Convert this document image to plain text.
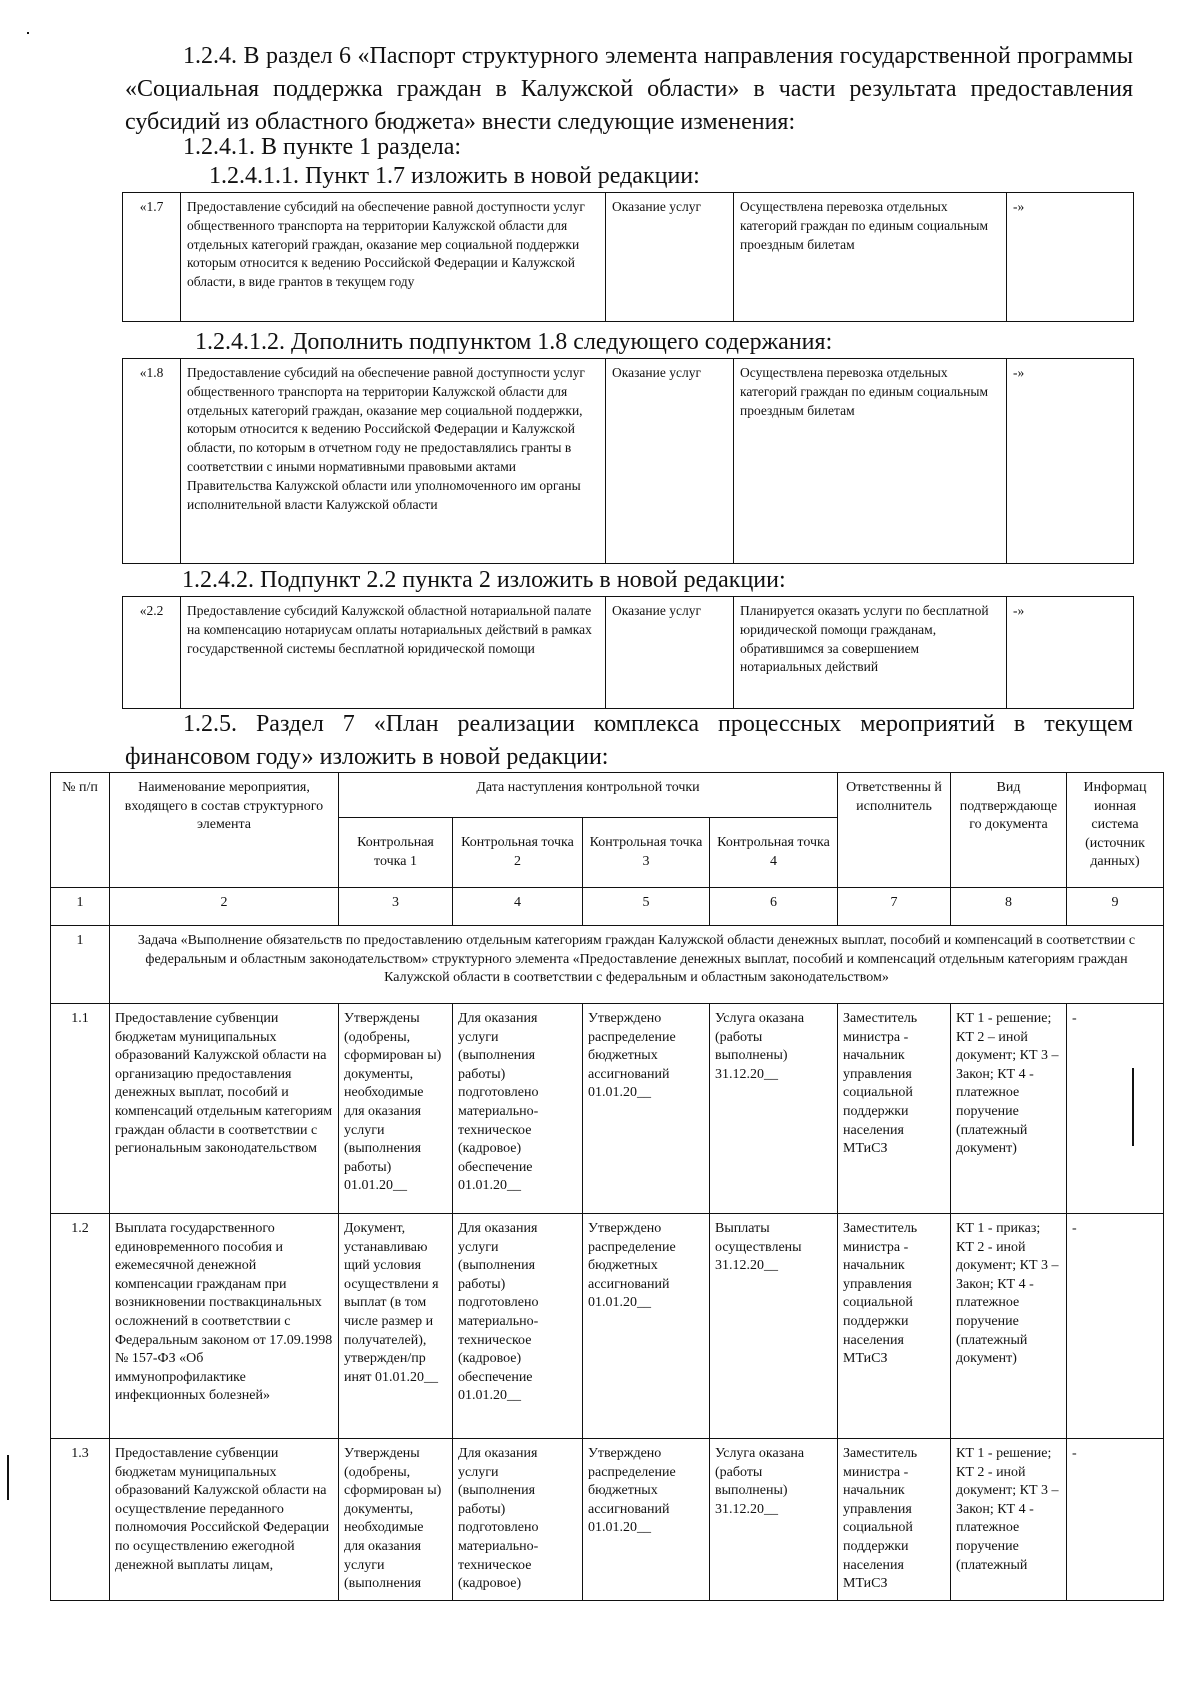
1.2.4. В раздел 6 «Паспорт структурного элемента направления государственной программы «Социальная поддержка граждан в Калужской области» в части результата предоставления субсидий из областного бюджета» внести следующие изменения:

1.2.4.1. В пункте 1 раздела:

1.2.4.1.1. Пункт 1.7 изложить в новой редакции:

«1.7	Предоставление субсидий на обеспечение равной доступности услуг общественного транспорта на территории Калужской области для отдельных категорий граждан, оказание мер социальной поддержки которым относится к ведению Российской Федерации и Калужской области, в виде грантов в текущем году	Оказание услуг	Осуществлена перевозка отдельных категорий граждан по единым социальным проездным билетам	-»

1.2.4.1.2. Дополнить подпунктом 1.8 следующего содержания:

«1.8	Предоставление субсидий на обеспечение равной доступности услуг общественного транспорта на территории Калужской области для отдельных категорий граждан, оказание мер социальной поддержки, которым относится к ведению Российской Федерации и Калужской области, по которым в отчетном году не предоставлялись гранты в соответствии с иными нормативными правовыми актами Правительства Калужской области или уполномоченного им органы исполнительной власти Калужской области	Оказание услуг	Осуществлена перевозка отдельных категорий граждан по единым социальным проездным билетам	-»

1.2.4.2. Подпункт 2.2 пункта 2 изложить в новой редакции:

«2.2	Предоставление субсидий Калужской областной нотариальной палате на компенсацию нотариусам оплаты нотариальных действий в рамках государственной системы бесплатной юридической помощи	Оказание услуг	Планируется оказать услуги по бесплатной юридической помощи гражданам, обратившимся за совершением нотариальных действий	-»

1.2.5. Раздел 7 «План реализации комплекса процессных мероприятий в текущем финансовом году» изложить в новой редакции:

№ п/п	Наименование мероприятия, входящего в состав структурного элемента	Дата наступления контрольной точки				Ответственны й исполнитель	Вид подтверждающе го документа	Информац ионная система (источник данных)
		Контрольная точка 1	Контрольная точка 2	Контрольная точка 3	Контрольная точка 4			
1	2	3	4	5	6	7	8	9
1	Задача «Выполнение обязательств по предоставлению отдельным категориям граждан Калужской области денежных выплат, пособий и компенсаций в соответствии с федеральным и областным законодательством» структурного элемента «Предоставление денежных выплат, пособий и компенсаций отдельным категориям граждан Калужской области в соответствии с федеральным и областным законодательством»							
1.1	Предоставление субвенции бюджетам муниципальных образований Калужской области на организацию предоставления денежных выплат, пособий и компенсаций отдельным категориям граждан области в соответствии с региональным законодательством	Утверждены (одобрены, сформирован ы) документы, необходимые для оказания услуги (выполнения работы) 01.01.20__	Для оказания услуги (выполнения работы) подготовлено материально-техническое (кадровое) обеспечение 01.01.20__	Утверждено распределение бюджетных ассигнований 01.01.20__	Услуга оказана (работы выполнены) 31.12.20__	Заместитель министра - начальник управления социальной поддержки населения МТиСЗ	КТ 1 - решение; КТ 2 – иной документ; КТ 3 – Закон; КТ 4 - платежное поручение (платежный документ)	-
1.2	Выплата государственного единовременного пособия и ежемесячной денежной компенсации гражданам при возникновении поствакцинальных осложнений в соответствии с Федеральным законом от 17.09.1998 № 157-ФЗ «Об иммунопрофилактике инфекционных болезней»	Документ, устанавливаю щий условия осуществлени я выплат (в том числе размер и получателей), утвержден/пр инят 01.01.20__	Для оказания услуги (выполнения работы) подготовлено материально-техническое (кадровое) обеспечение 01.01.20__	Утверждено распределение бюджетных ассигнований 01.01.20__	Выплаты осуществлены 31.12.20__	Заместитель министра - начальник управления социальной поддержки населения МТиСЗ	КТ 1 - приказ; КТ 2 - иной документ; КТ 3 – Закон; КТ 4 - платежное поручение (платежный документ)	-
1.3	Предоставление субвенции бюджетам муниципальных образований Калужской области на осуществление переданного полномочия Российской Федерации по осуществлению ежегодной денежной выплаты лицам,	Утверждены (одобрены, сформирован ы) документы, необходимые для оказания услуги (выполнения	Для оказания услуги (выполнения работы) подготовлено материально-техническое (кадровое)	Утверждено распределение бюджетных ассигнований 01.01.20__	Услуга оказана (работы выполнены) 31.12.20__	Заместитель министра - начальник управления социальной поддержки населения МТиСЗ	КТ 1 - решение; КТ 2 - иной документ; КТ 3 – Закон; КТ 4 - платежное поручение (платежный	-
